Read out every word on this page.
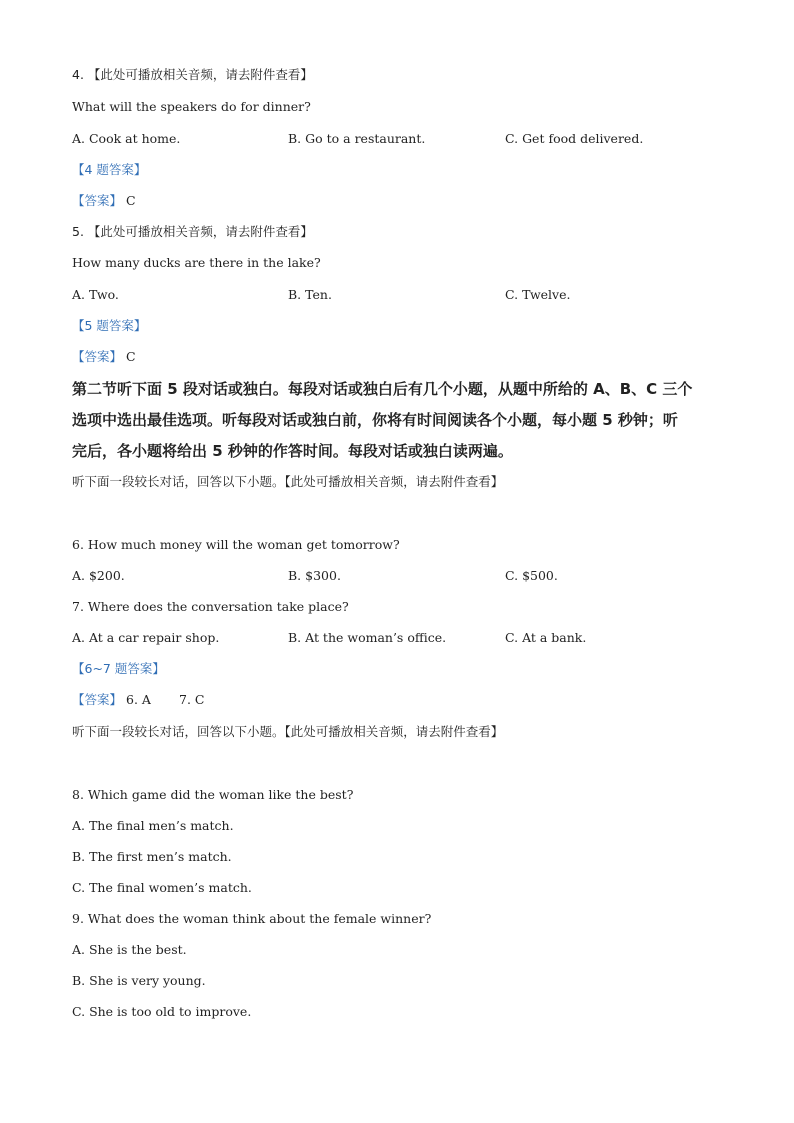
4. 【此处可播放相关音频，请去附件查看】
What will the speakers do for dinner?
A. Cook at home.	B. Go to a restaurant.	C. Get food delivered.
【4 题答案】
【答案】 C
5. 【此处可播放相关音频，请去附件查看】
How many ducks are there in the lake?
A. Two.	B. Ten.	C. Twelve.
【5 题答案】
【答案】 C
第二节听下面 5 段对话或独白。每段对话或独白后有几个小题，从题中所给的 A、B、C 三个
选项中选出最佳选项。听每段对话或独白前，你将有时间阅读各个小题，每小题 5 秒钟；听
完后，各小题将给出 5 秒钟的作答时间。每段对话或独白读两遍。
听下面一段较长对话，回答以下小题。【此处可播放相关音频，请去附件查看】
6. How much money will the woman get tomorrow?
A. $200.	B. $300.	C. $500.
7. Where does the conversation take place?
A. At a car repair shop.	B. At the woman’s office.	C. At a bank.
【6~7 题答案】
【答案】 6. A 7. C
听下面一段较长对话，回答以下小题。【此处可播放相关音频，请去附件查看】
8. Which game did the woman like the best?
A. The final men’s match.
B. The first men’s match.
C. The final women’s match.
9. What does the woman think about the female winner?
A. She is the best.
B. She is very young.
C. She is too old to improve.
